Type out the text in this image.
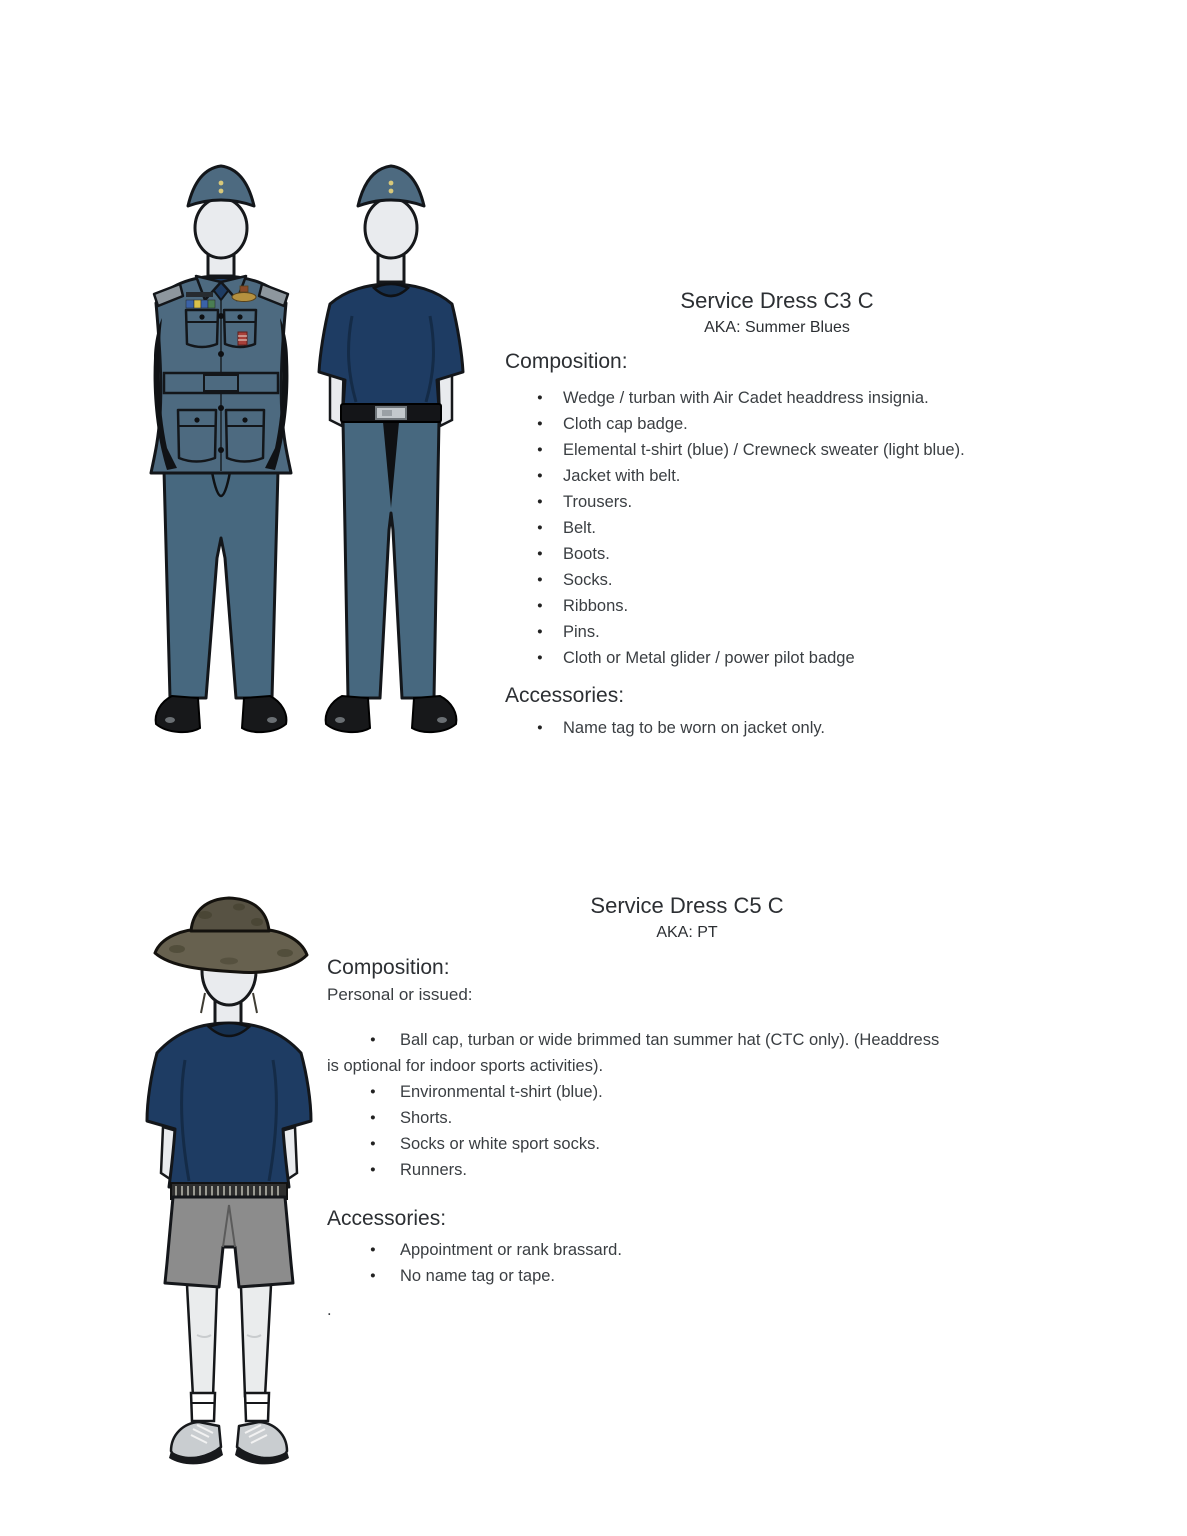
Service Dress C3 C
AKA: Summer Blues
Composition:
●	Wedge / turban with Air Cadet headdress insignia.
●	Cloth cap badge.
●	Elemental t-shirt (blue) / Crewneck sweater (light blue).
●	Jacket with belt.
●	Trousers.
●	Belt.
●	Boots.
●	Socks.
●	Ribbons.
●	Pins.
●	Cloth or Metal glider / power pilot badge
Accessories:
●	Name tag to be worn on jacket only.
Service Dress C5 C
AKA: PT
Composition:
Personal or issued:
●	Ball cap, turban or wide brimmed tan summer hat (CTC only). (Headdress
is optional for indoor sports activities).
●	Environmental t-shirt (blue).
●	Shorts.
●	Socks or white sport socks.
●	Runners.
Accessories:
●	Appointment or rank brassard.
●	No name tag or tape.
.
